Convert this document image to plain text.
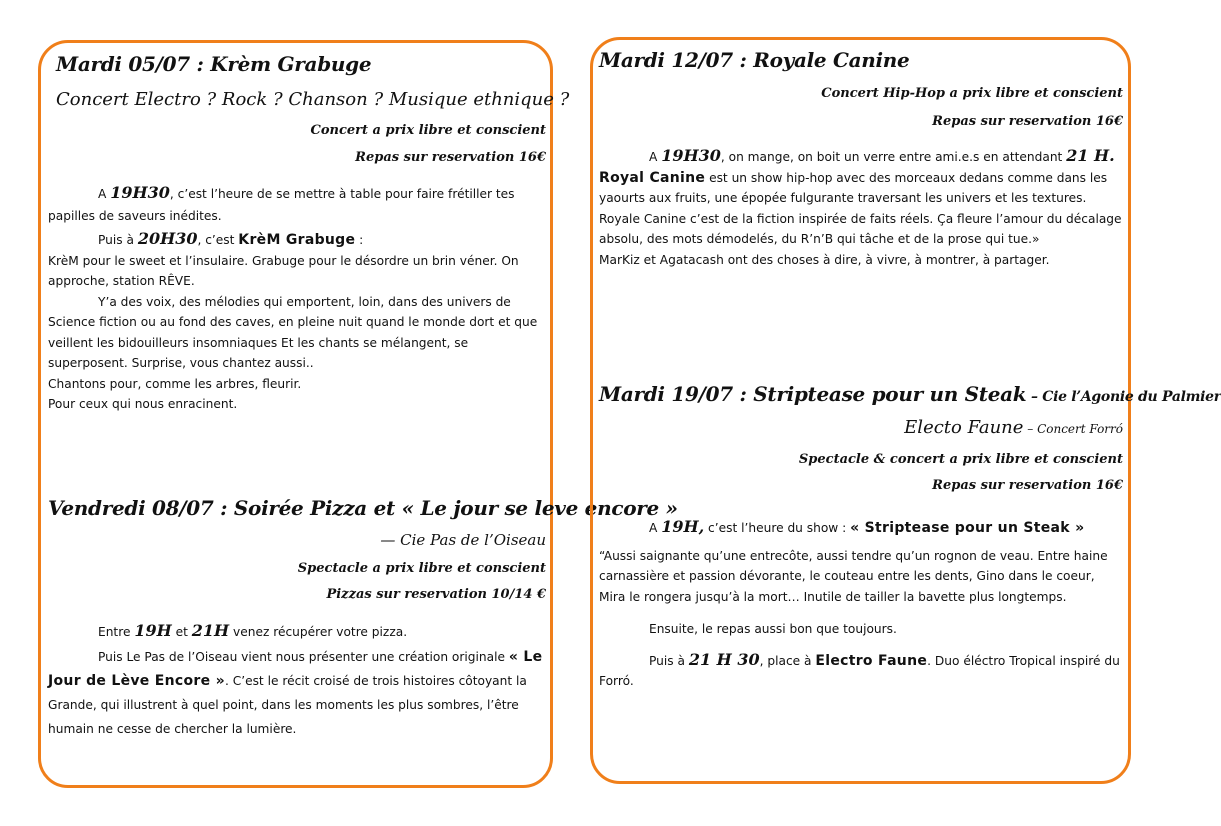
Mardi 05/07 : Krèm Grabuge

Concert Electro ? Rock ? Chanson ? Musique ethnique ?

Concert a prix libre et conscient

Repas sur reservation 16€

A 19H30, c’est l’heure de se mettre à table pour faire frétiller tes papilles de saveurs inédites.

Puis à 20H30, c’est KrèM Grabuge :

KrèM pour le sweet et l’insulaire. Grabuge pour le désordre un brin véner. On approche, station RÊVE.

Y’a des voix, des mélodies qui emportent, loin, dans des univers de Science fiction ou au fond des caves, en pleine nuit quand le monde dort et que veillent les bidouilleurs insomniaques Et les chants se mélangent, se superposent. Surprise, vous chantez aussi..

Chantons pour, comme les arbres, fleurir.

Pour ceux qui nous enracinent.

Vendredi 08/07 : Soirée Pizza et « Le jour se leve encore »

— Cie Pas de l’Oiseau

Spectacle a prix libre et conscient

Pizzas sur reservation 10/14 €

Entre 19H et 21H venez récupérer votre pizza.

Puis Le Pas de l’Oiseau vient nous présenter une création originale « Le Jour de Lève Encore ». C’est le récit croisé de trois histoires côtoyant la Grande, qui illustrent à quel point, dans les moments les plus sombres, l’être humain ne cesse de chercher la lumière.

Mardi 12/07 : Royale Canine

Concert Hip-Hop a prix libre et conscient

Repas sur reservation 16€

A 19H30, on mange, on boit un verre entre ami.e.s en attendant 21 H. Royal Canine est un show hip-hop avec des morceaux dedans comme dans les yaourts aux fruits, une épopée fulgurante traversant les univers et les textures.

Royale Canine c’est de la fiction inspirée de faits réels. Ça fleure l’amour du décalage absolu, des mots démodelés, du R’n’B qui tâche et de la prose qui tue.»

MarKiz et Agatacash ont des choses à dire, à vivre, à montrer, à partager.

Mardi 19/07 : Striptease pour un Steak – Cie l’Agonie du Palmier

Electo Faune – Concert Forró

Spectacle & concert a prix libre et conscient

Repas sur reservation 16€

A 19H, c’est l’heure du show : « Striptease pour un Steak »

“Aussi saignante qu’une entrecôte, aussi tendre qu’un rognon de veau. Entre haine carnassière et passion dévorante, le couteau entre les dents, Gino dans le coeur, Mira le rongera jusqu’à la mort… Inutile de tailler la bavette plus longtemps.

Ensuite, le repas aussi bon que toujours.

Puis à 21 H 30, place à Electro Faune. Duo éléctro Tropical inspiré du Forró.
